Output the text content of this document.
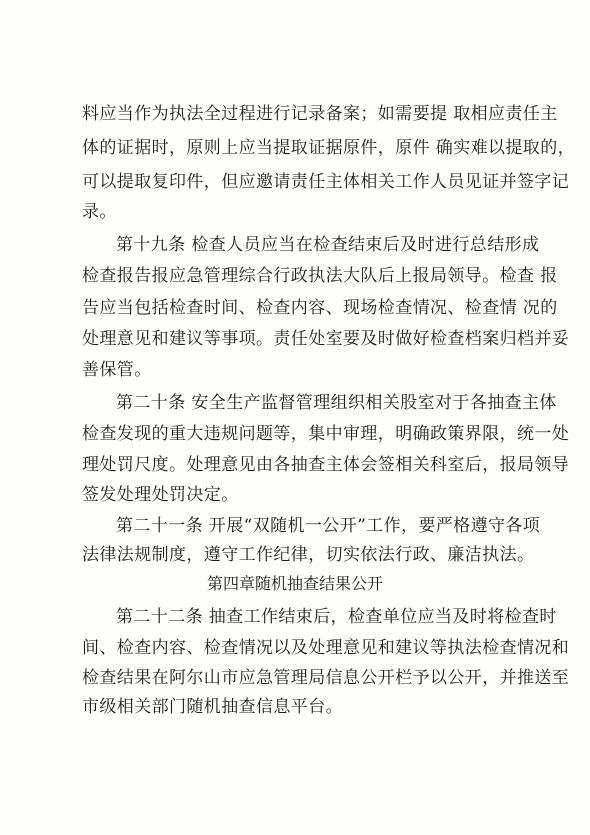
料应当作为执法全过程进行记录备案；如需要提 取相应责任主
体的证据时，原则上应当提取证据原件，原件 确实难以提取的，
可以提取复印件，但应邀请责任主体相关工作人员见证并签字记
录。
第十九条 检查人员应当在检查结束后及时进行总结形成
检查报告报应急管理综合行政执法大队后上报局领导。检查 报
告应当包括检查时间、检查内容、现场检查情况、检查情 况的
处理意见和建议等事项。责任处室要及时做好检查档案归档并妥
善保管。
第二十条 安全生产监督管理组织相关股室对于各抽查主体
检查发现的重大违规问题等，集中审理，明确政策界限，统一处
理处罚尺度。处理意见由各抽查主体会签相关科室后，报局领导
签发处理处罚决定。
第二十一条 开展“双随机一公开”工作，要严格遵守各项
法律法规制度，遵守工作纪律，切实依法行政、廉洁执法。
第四章随机抽查结果公开
第二十二条 抽查工作结束后，检查单位应当及时将检查时
间、检查内容、检查情况以及处理意见和建议等执法检查情况和
检查结果在阿尔山市应急管理局信息公开栏予以公开，并推送至
市级相关部门随机抽查信息平台。
